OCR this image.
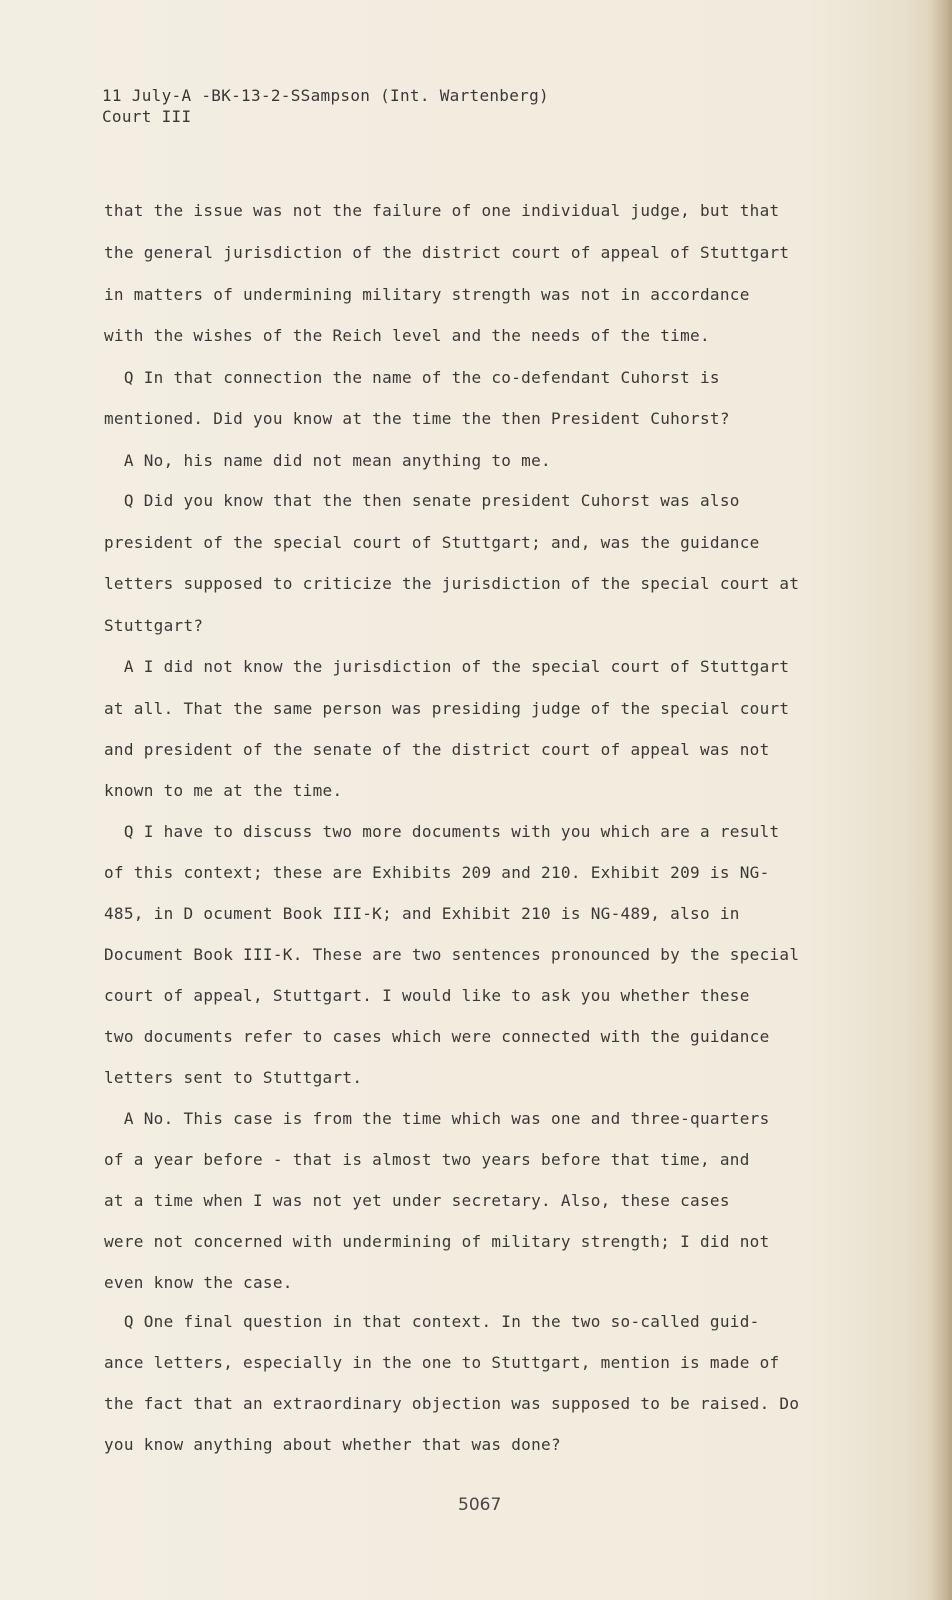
11 July-A -BK-13-2-SSampson (Int. Wartenberg)
Court III
that the issue was not the failure of one individual judge, but that
the general jurisdiction of the district court of appeal of Stuttgart
in matters of undermining military strength was not in accordance
with the wishes of the Reich level and the needs of the time.
Q In that connection the name of the co-defendant Cuhorst is
mentioned. Did you know at the time the then President Cuhorst?
A No, his name did not mean anything to me.
Q Did you know that the then senate president Cuhorst was also
president of the special court of Stuttgart; and, was the guidance
letters supposed to criticize the jurisdiction of the special court at
Stuttgart?
A I did not know the jurisdiction of the special court of Stuttgart
at all. That the same person was presiding judge of the special court
and president of the senate of the district court of appeal was not
known to me at the time.
Q I have to discuss two more documents with you which are a result
of this context; these are Exhibits 209 and 210. Exhibit 209 is NG-
485, in D ocument Book III-K; and Exhibit 210 is NG-489, also in
Document Book III-K. These are two sentences pronounced by the special
court of appeal, Stuttgart. I would like to ask you whether these
two documents refer to cases which were connected with the guidance
letters sent to Stuttgart.
A No. This case is from the time which was one and three-quarters
of a year before - that is almost two years before that time, and
at a time when I was not yet under secretary. Also, these cases
were not concerned with undermining of military strength; I did not
even know the case.
Q One final question in that context. In the two so-called guid-
ance letters, especially in the one to Stuttgart, mention is made of
the fact that an extraordinary objection was supposed to be raised. Do
you know anything about whether that was done?
5067
